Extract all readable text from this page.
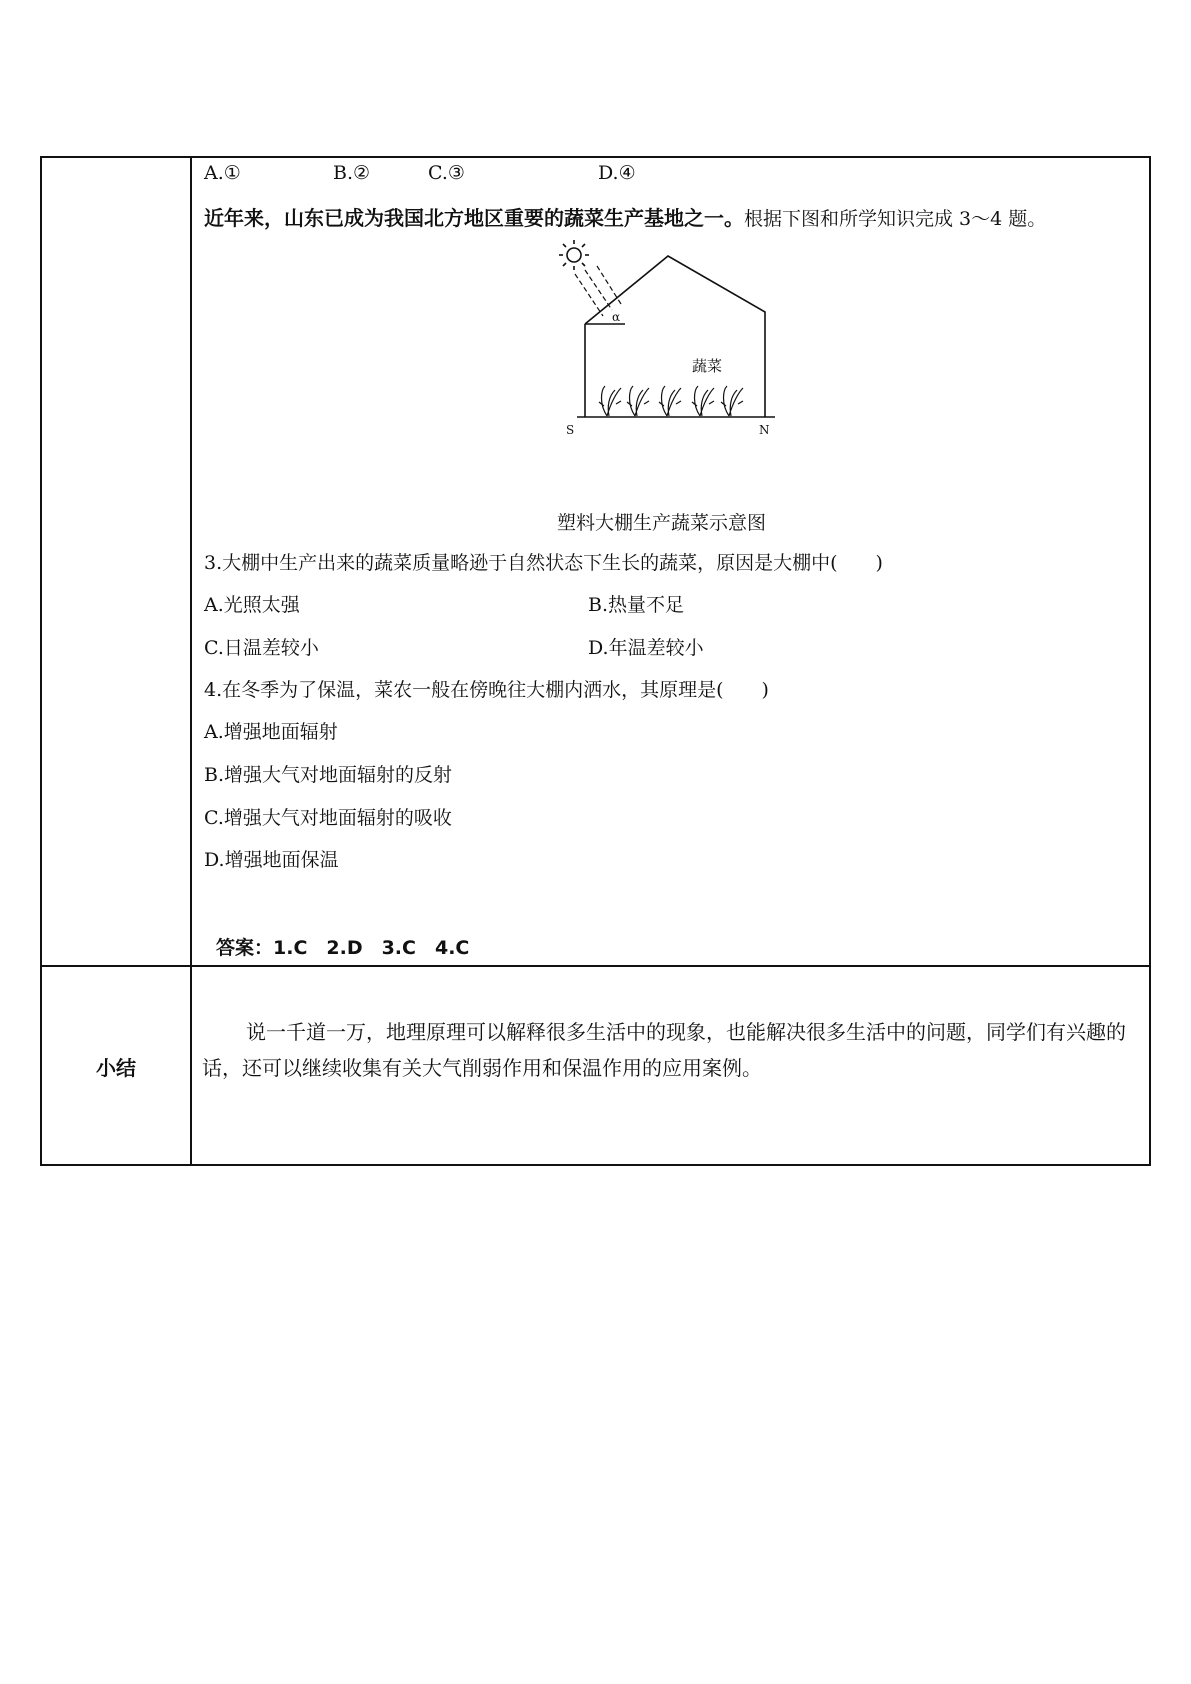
A.①	B.②	C.③	D.④
近年来，山东已成为我国北方地区重要的蔬菜生产基地之一。根据下图和所学知识完成 3～4 题。
α
蔬菜
S	N
塑料大棚生产蔬菜示意图
3.大棚中生产出来的蔬菜质量略逊于自然状态下生长的蔬菜，原因是大棚中(　　)
A.光照太强	B.热量不足
C.日温差较小	D.年温差较小
4.在冬季为了保温，菜农一般在傍晚往大棚内洒水，其原理是(　　)
A.增强地面辐射
B.增强大气对地面辐射的反射
C.增强大气对地面辐射的吸收
D.增强地面保温
答案：1.C　2.D　3.C　4.C
小结
说一千道一万，地理原理可以解释很多生活中的现象，也能解决很多生活中的问题，同学们有兴趣的话，还可以继续收集有关大气削弱作用和保温作用的应用案例。
